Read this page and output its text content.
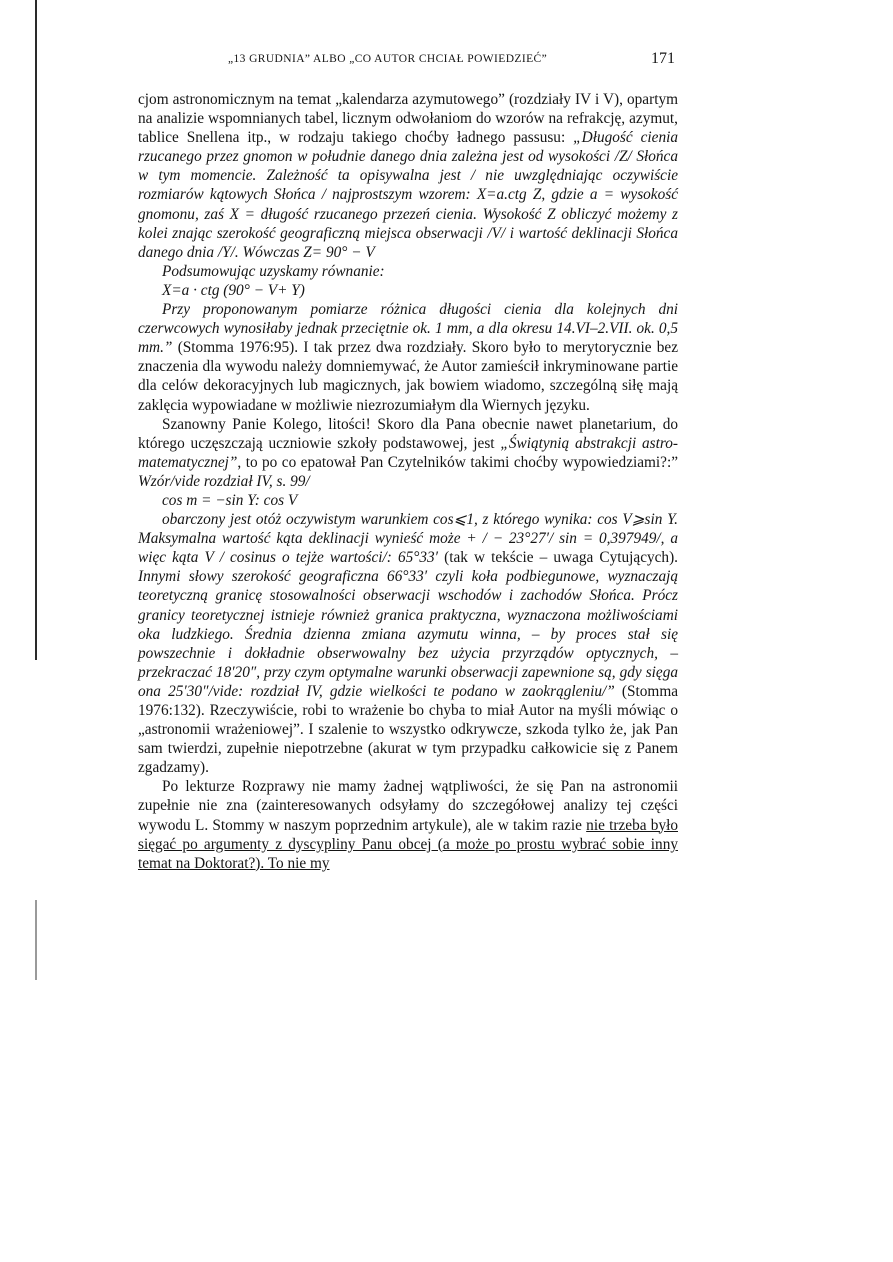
„13 GRUDNIA” ALBO „CO AUTOR CHCIAŁ POWIEDZIEĆ”	171

cjom astronomicznym na temat „kalendarza azymutowego” (rozdziały IV i V), opartym na analizie wspomnianych tabel, licznym odwołaniom do wzorów na refrakcję, azymut, tablice Snellena itp., w rodzaju takiego choćby ładnego passusu: „Długość cienia rzucanego przez gnomon w południe danego dnia zależna jest od wysokości /Z/ Słońca w tym momencie. Zależność ta opisywalna jest / nie uwzględniając oczywiście rozmiarów kątowych Słońca / najprostszym wzorem: X=a.ctg Z, gdzie a = wysokość gnomonu, zaś X = długość rzucanego przezeń cienia. Wysokość Z obliczyć możemy z kolei znając szerokość geograficzną miejsca obserwacji /V/ i wartość deklinacji Słońca danego dnia /Y/. Wówczas Z= 90° − V

Podsumowując uzyskamy równanie:

X=a · ctg (90° − V+ Y)

Przy proponowanym pomiarze różnica długości cienia dla kolejnych dni czerwcowych wynosiłaby jednak przeciętnie ok. 1 mm, a dla okresu 14.VI–2.VII. ok. 0,5 mm.” (Stomma 1976:95). I tak przez dwa rozdziały. Skoro było to merytorycznie bez znaczenia dla wywodu należy domniemywać, że Autor zamieścił inkryminowane partie dla celów dekoracyjnych lub magicznych, jak bowiem wiadomo, szczególną siłę mają zaklęcia wypowiadane w możliwie niezrozumiałym dla Wiernych języku.

Szanowny Panie Kolego, litości! Skoro dla Pana obecnie nawet planetarium, do którego uczęszczają uczniowie szkoły podstawowej, jest „Świątynią abstrakcji astro-matematycznej”, to po co epatował Pan Czytelników takimi choćby wypowiedziami?:” Wzór/vide rozdział IV, s. 99/

cos m = −sin Y: cos V

obarczony jest otóż oczywistym warunkiem cos⩽1, z którego wynika: cos V⩾sin Y. Maksymalna wartość kąta deklinacji wynieść może + / − 23°27′/ sin = 0,397949/, a więc kąta V / cosinus o tejże wartości/: 65°33′ (tak w tekście – uwaga Cytujących). Innymi słowy szerokość geograficzna 66°33′ czyli koła podbiegunowe, wyznaczają teoretyczną granicę stosowalności obserwacji wschodów i zachodów Słońca. Prócz granicy teoretycznej istnieje również granica praktyczna, wyznaczona możliwościami oka ludzkiego. Średnia dzienna zmiana azymutu winna, – by proces stał się powszechnie i dokładnie obserwowalny bez użycia przyrządów optycznych, – przekraczać 18′20″, przy czym optymalne warunki obserwacji zapewnione są, gdy sięga ona 25′30″/vide: rozdział IV, gdzie wielkości te podano w zaokrągleniu/” (Stomma 1976:132). Rzeczywiście, robi to wrażenie bo chyba to miał Autor na myśli mówiąc o „astronomii wrażeniowej”. I szalenie to wszystko odkrywcze, szkoda tylko że, jak Pan sam twierdzi, zupełnie niepotrzebne (akurat w tym przypadku całkowicie się z Panem zgadzamy).

Po lekturze Rozprawy nie mamy żadnej wątpliwości, że się Pan na astronomii zupełnie nie zna (zainteresowanych odsyłamy do szczegółowej analizy tej części wywodu L. Stommy w naszym poprzednim artykule), ale w takim razie nie trzeba było sięgać po argumenty z dyscypliny Panu obcej (a może po prostu wybrać sobie inny temat na Doktorat?). To nie my
